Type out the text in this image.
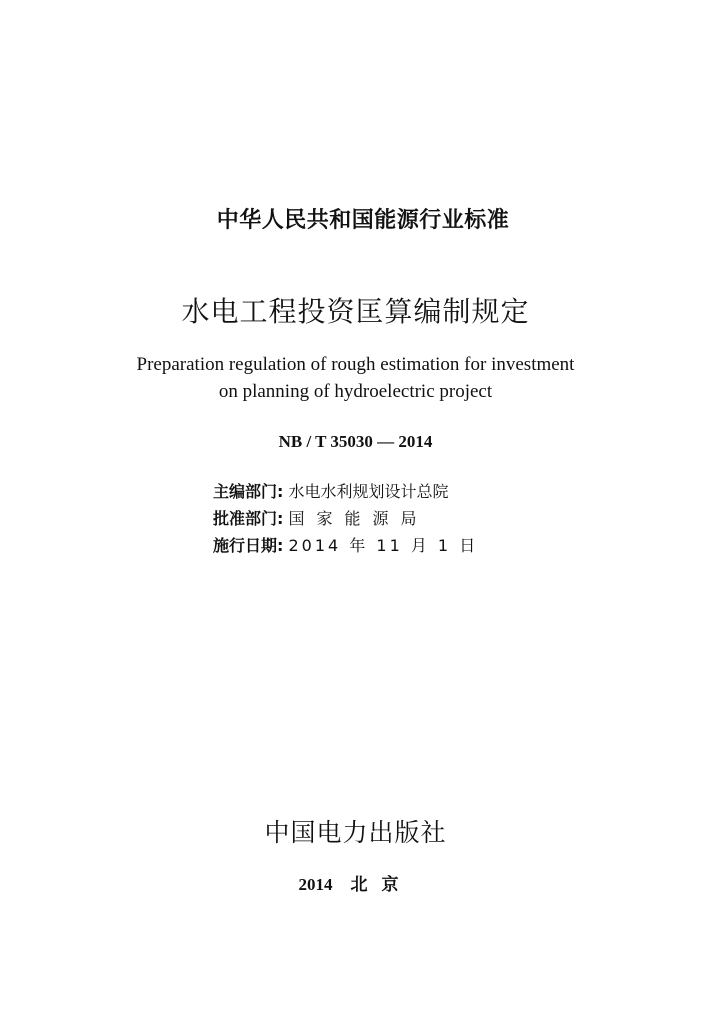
中华人民共和国能源行业标准
水电工程投资匡算编制规定
Preparation regulation of rough estimation for investment
on planning of hydroelectric project
NB / T 35030 — 2014
主编部门: 水电水利规划设计总院
批准部门: 国家能源局
施行日期: 2014 年 11 月 1 日
中国电力出版社
2014 北京
